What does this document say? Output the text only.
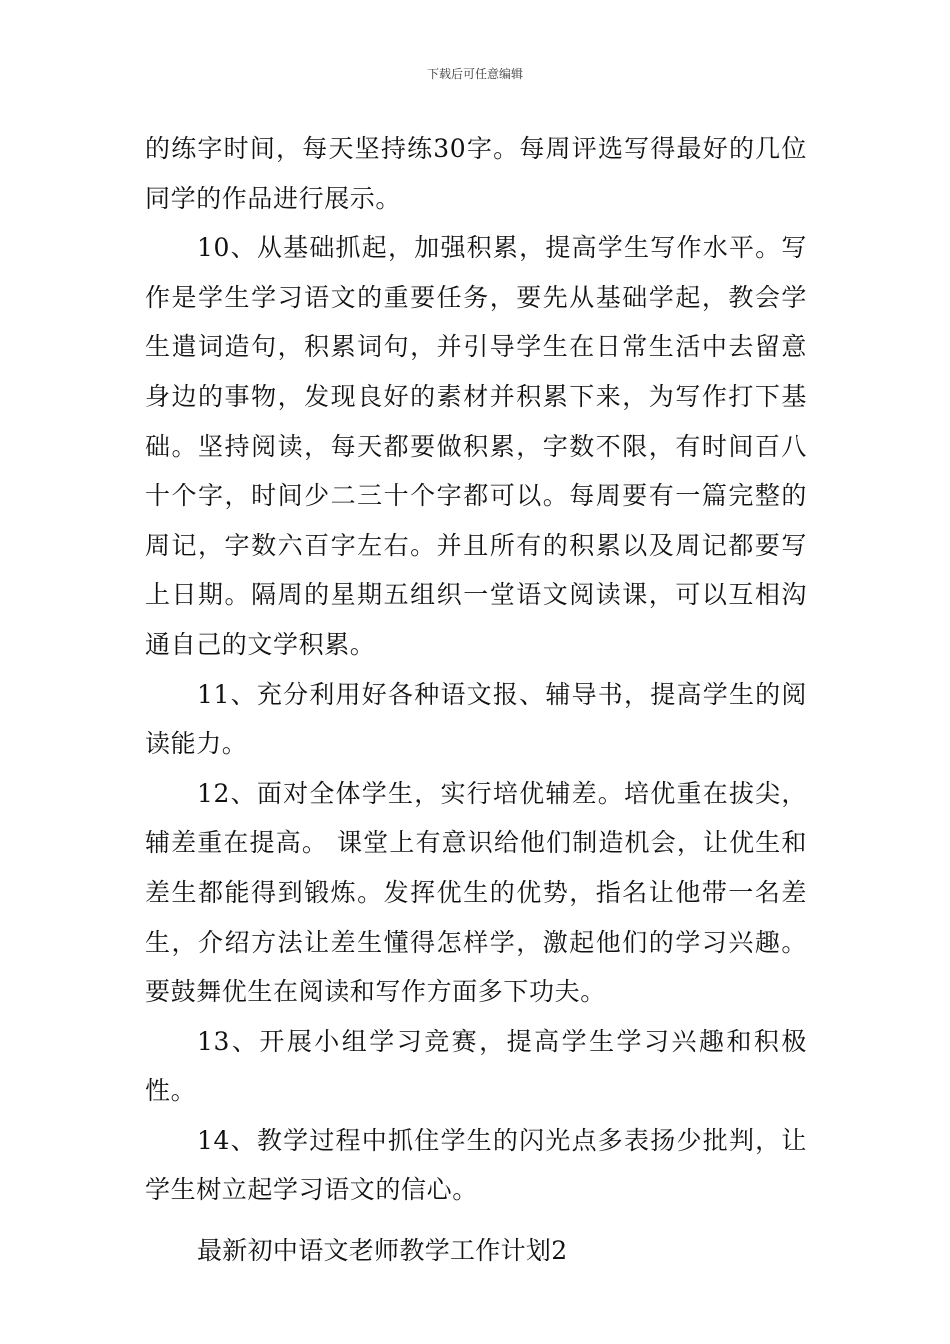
下载后可任意编辑

的练字时间，每天坚持练30字。每周评选写得最好的几位同学的作品进行展示。

10、从基础抓起，加强积累，提高学生写作水平。写作是学生学习语文的重要任务，要先从基础学起，教会学生遣词造句，积累词句，并引导学生在日常生活中去留意身边的事物，发现良好的素材并积累下来，为写作打下基础。坚持阅读，每天都要做积累，字数不限，有时间百八十个字，时间少二三十个字都可以。每周要有一篇完整的周记，字数六百字左右。并且所有的积累以及周记都要写上日期。隔周的星期五组织一堂语文阅读课，可以互相沟通自己的文学积累。

11、充分利用好各种语文报、辅导书，提高学生的阅读能力。

12、面对全体学生，实行培优辅差。培优重在拔尖，辅差重在提高。 课堂上有意识给他们制造机会，让优生和差生都能得到锻炼。发挥优生的优势，指名让他带一名差生，介绍方法让差生懂得怎样学，激起他们的学习兴趣。要鼓舞优生在阅读和写作方面多下功夫。

13、开展小组学习竞赛，提高学生学习兴趣和积极性。

14、教学过程中抓住学生的闪光点多表扬少批判，让学生树立起学习语文的信心。

最新初中语文老师教学工作计划2
